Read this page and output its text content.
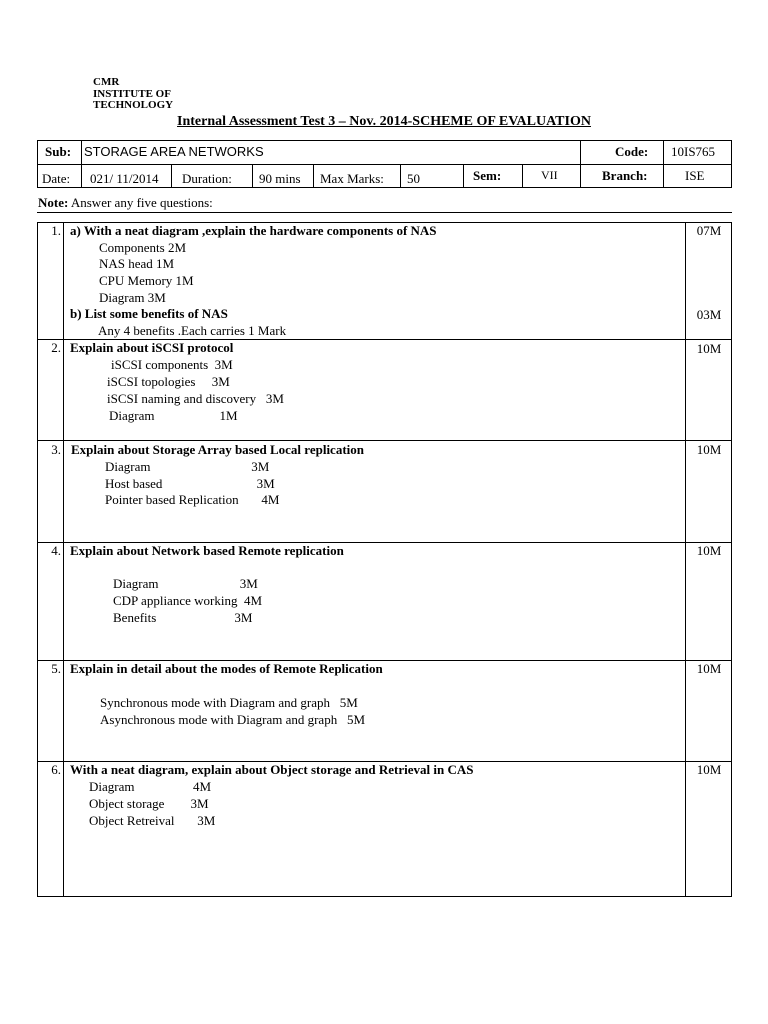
CMR
INSTITUTE OF
TECHNOLOGY
Internal Assessment Test 3 – Nov. 2014-SCHEME OF EVALUATION
Sub: STORAGE AREA NETWORKS	Code: 10IS765
Date: 021/ 11/2014 Duration: 90 mins Max Marks: 50	Sem:	VII	Branch:	ISE
Note: Answer any five questions:
1. a) With a neat diagram ,explain the hardware components of NAS	07M
Components 2M
NAS head 1M
CPU Memory 1M
Diagram 3M
b) List some benefits of NAS	03M
Any 4 benefits .Each carries 1 Mark
2. Explain about iSCSI protocol	10M
iSCSI components  3M
iSCSI topologies     3M
iSCSI naming and discovery   3M
Diagram                    1M
3. Explain about Storage Array based Local replication	10M
Diagram                               3M
Host based                             3M
Pointer based Replication       4M
4. Explain about Network based Remote replication	10M
Diagram                         3M
CDP appliance working  4M
Benefits                        3M
5. Explain in detail about the modes of Remote Replication	10M
Synchronous mode with Diagram and graph   5M
Asynchronous mode with Diagram and graph   5M
6. With a neat diagram, explain about Object storage and Retrieval in CAS	10M
Diagram                  4M
Object storage        3M
Object Retreival       3M
